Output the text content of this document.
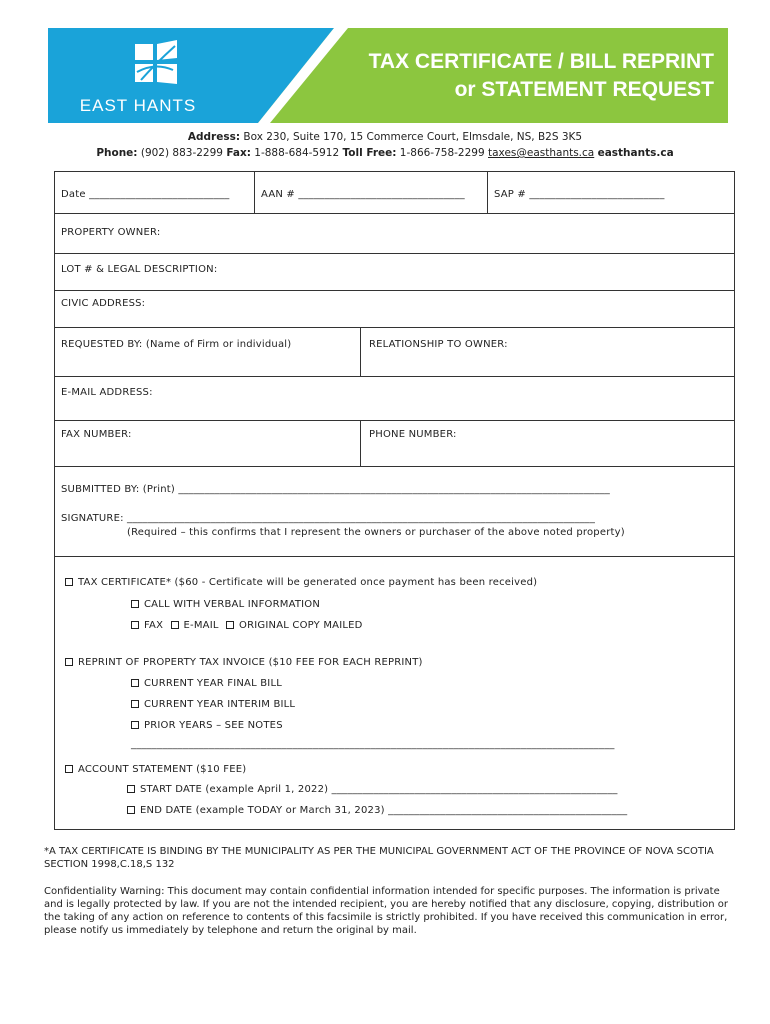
EAST HANTS
TAX CERTIFICATE / BILL REPRINT
or STATEMENT REQUEST
Address: Box 230, Suite 170, 15 Commerce Court, Elmsdale, NS, B2S 3K5
Phone: (902) 883-2299 Fax: 1-888-684-5912 Toll Free: 1-866-758-2299 taxes@easthants.ca easthants.ca
Date ___________________________	AAN # ________________________________	SAP # __________________________
PROPERTY OWNER:
LOT # & LEGAL DESCRIPTION:
CIVIC ADDRESS:
REQUESTED BY: (Name of Firm or individual)	RELATIONSHIP TO OWNER:
E-MAIL ADDRESS:
FAX NUMBER:	PHONE NUMBER:
SUBMITTED BY: (Print) ___________________________________________________________________________________
SIGNATURE: __________________________________________________________________________________________
(Required – this confirms that I represent the owners or purchaser of the above noted property)
TAX CERTIFICATE* ($60 - Certificate will be generated once payment has been received)
CALL WITH VERBAL INFORMATION
FAX E-MAIL ORIGINAL COPY MAILED
REPRINT OF PROPERTY TAX INVOICE ($10 FEE FOR EACH REPRINT)
CURRENT YEAR FINAL BILL
CURRENT YEAR INTERIM BILL
PRIOR YEARS – SEE NOTES
_____________________________________________________________________________________________
ACCOUNT STATEMENT ($10 FEE)
START DATE (example April 1, 2022) _______________________________________________________
END DATE (example TODAY or March 31, 2023) ______________________________________________
*A TAX CERTIFICATE IS BINDING BY THE MUNICIPALITY AS PER THE MUNICIPAL GOVERNMENT ACT OF THE PROVINCE OF NOVA SCOTIA SECTION 1998,C.18,S 132
Confidentiality Warning: This document may contain confidential information intended for specific purposes. The information is private and is legally protected by law. If you are not the intended recipient, you are hereby notified that any disclosure, copying, distribution or the taking of any action on reference to contents of this facsimile is strictly prohibited. If you have received this communication in error, please notify us immediately by telephone and return the original by mail.
